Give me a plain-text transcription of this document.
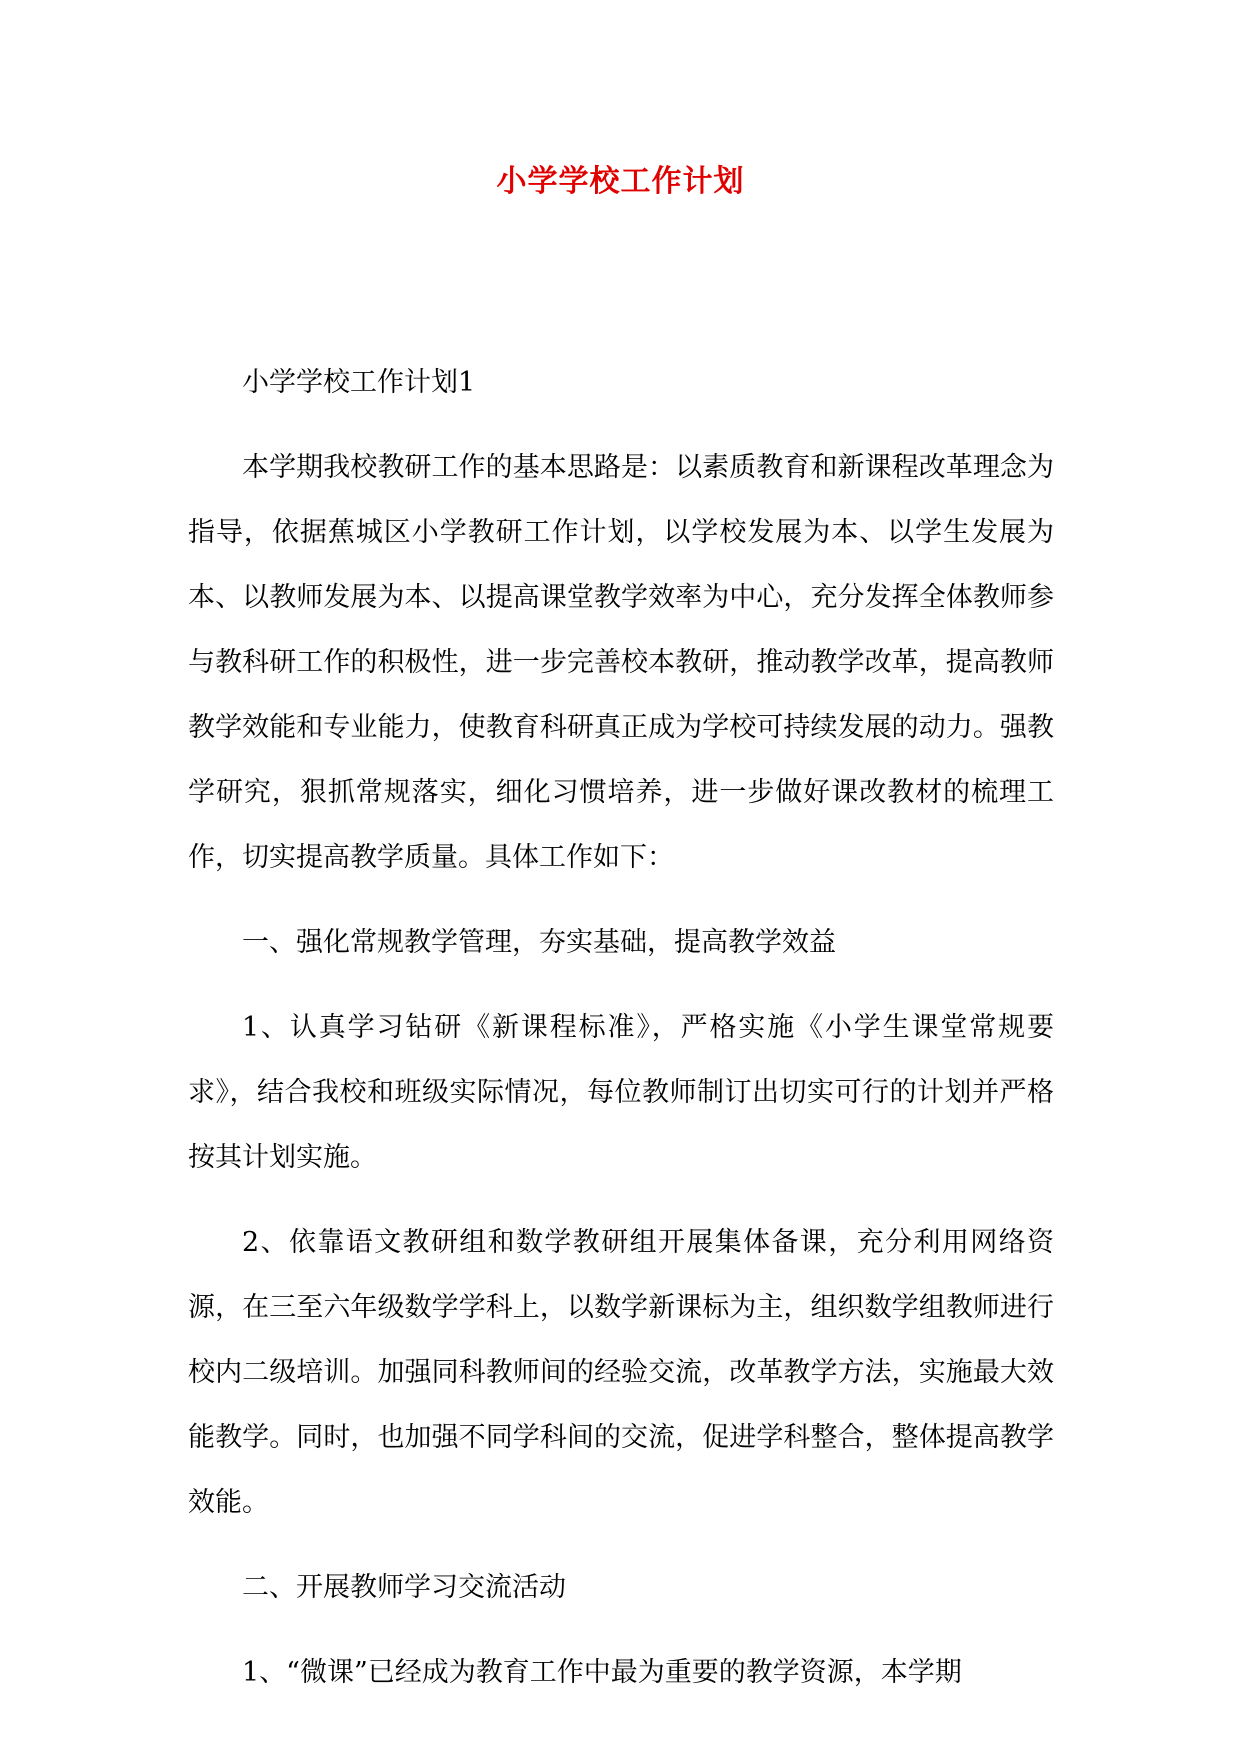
小学学校工作计划

小学学校工作计划1

本学期我校教研工作的基本思路是：以素质教育和新课程改革理念为指导，依据蕉城区小学教研工作计划，以学校发展为本、以学生发展为本、以教师发展为本、以提高课堂教学效率为中心，充分发挥全体教师参与教科研工作的积极性，进一步完善校本教研，推动教学改革，提高教师教学效能和专业能力，使教育科研真正成为学校可持续发展的动力。强教学研究，狠抓常规落实，细化习惯培养，进一步做好课改教材的梳理工作，切实提高教学质量。具体工作如下：

一、强化常规教学管理，夯实基础，提高教学效益

1、认真学习钻研《新课程标准》，严格实施《小学生课堂常规要求》，结合我校和班级实际情况，每位教师制订出切实可行的计划并严格按其计划实施。

2、依靠语文教研组和数学教研组开展集体备课，充分利用网络资源，在三至六年级数学学科上，以数学新课标为主，组织数学组教师进行校内二级培训。加强同科教师间的经验交流，改革教学方法，实施最大效能教学。同时，也加强不同学科间的交流，促进学科整合，整体提高教学效能。

二、开展教师学习交流活动

1、“微课”已经成为教育工作中最为重要的教学资源，本学期
